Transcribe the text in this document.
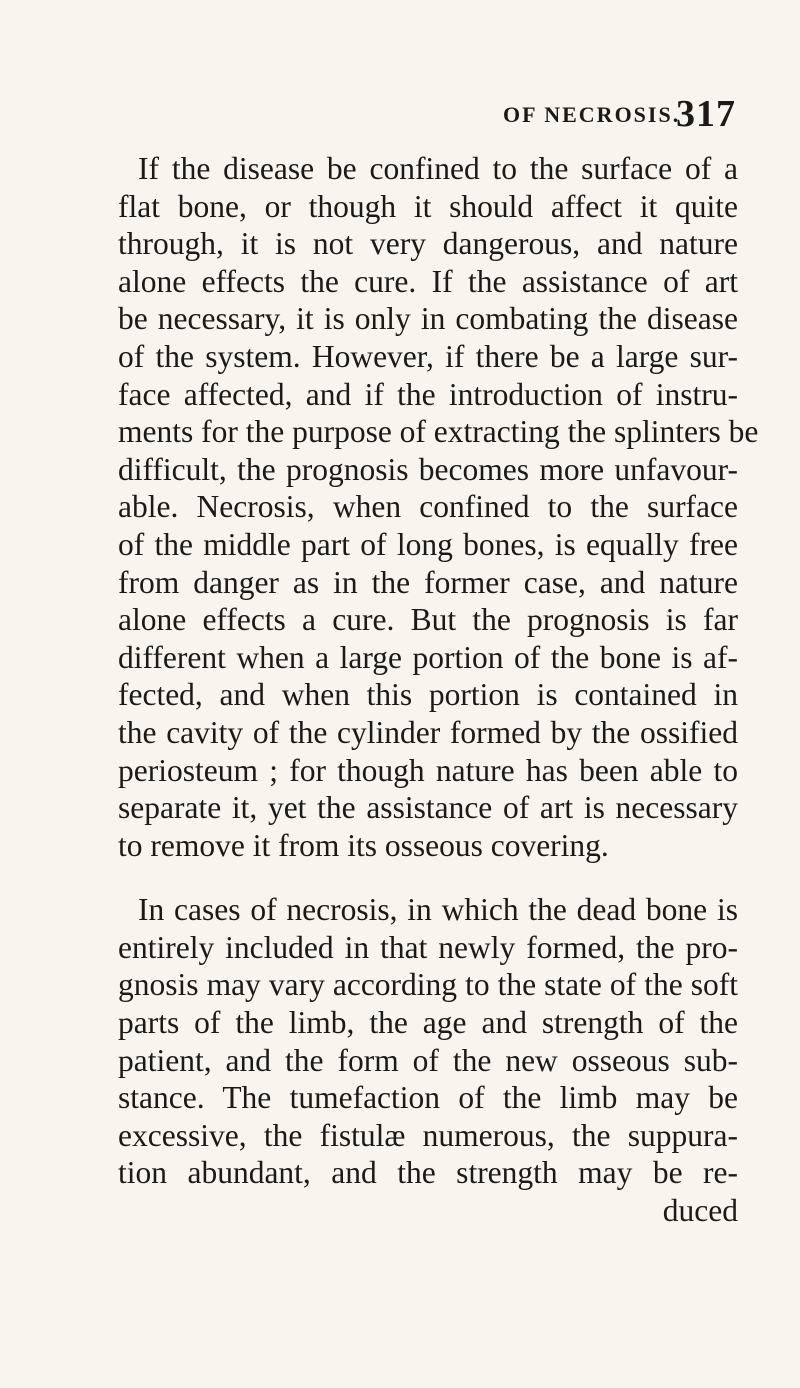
OF NECROSIS.
317
If the disease be confined to the surface of a
flat bone, or though it should affect it quite
through, it is not very dangerous, and nature
alone effects the cure. If the assistance of art
be necessary, it is only in combating the disease
of the system. However, if there be a large sur-
face affected, and if the introduction of instru-
ments for the purpose of extracting the splinters be
difficult, the prognosis becomes more unfavour-
able. Necrosis, when confined to the surface
of the middle part of long bones, is equally free
from danger as in the former case, and nature
alone effects a cure. But the prognosis is far
different when a large portion of the bone is af-
fected, and when this portion is contained in
the cavity of the cylinder formed by the ossified
periosteum ; for though nature has been able to
separate it, yet the assistance of art is necessary
to remove it from its osseous covering.
In cases of necrosis, in which the dead bone is
entirely included in that newly formed, the pro-
gnosis may vary according to the state of the soft
parts of the limb, the age and strength of the
patient, and the form of the new osseous sub-
stance. The tumefaction of the limb may be
excessive, the fistulæ numerous, the suppura-
tion abundant, and the strength may be re-
duced
